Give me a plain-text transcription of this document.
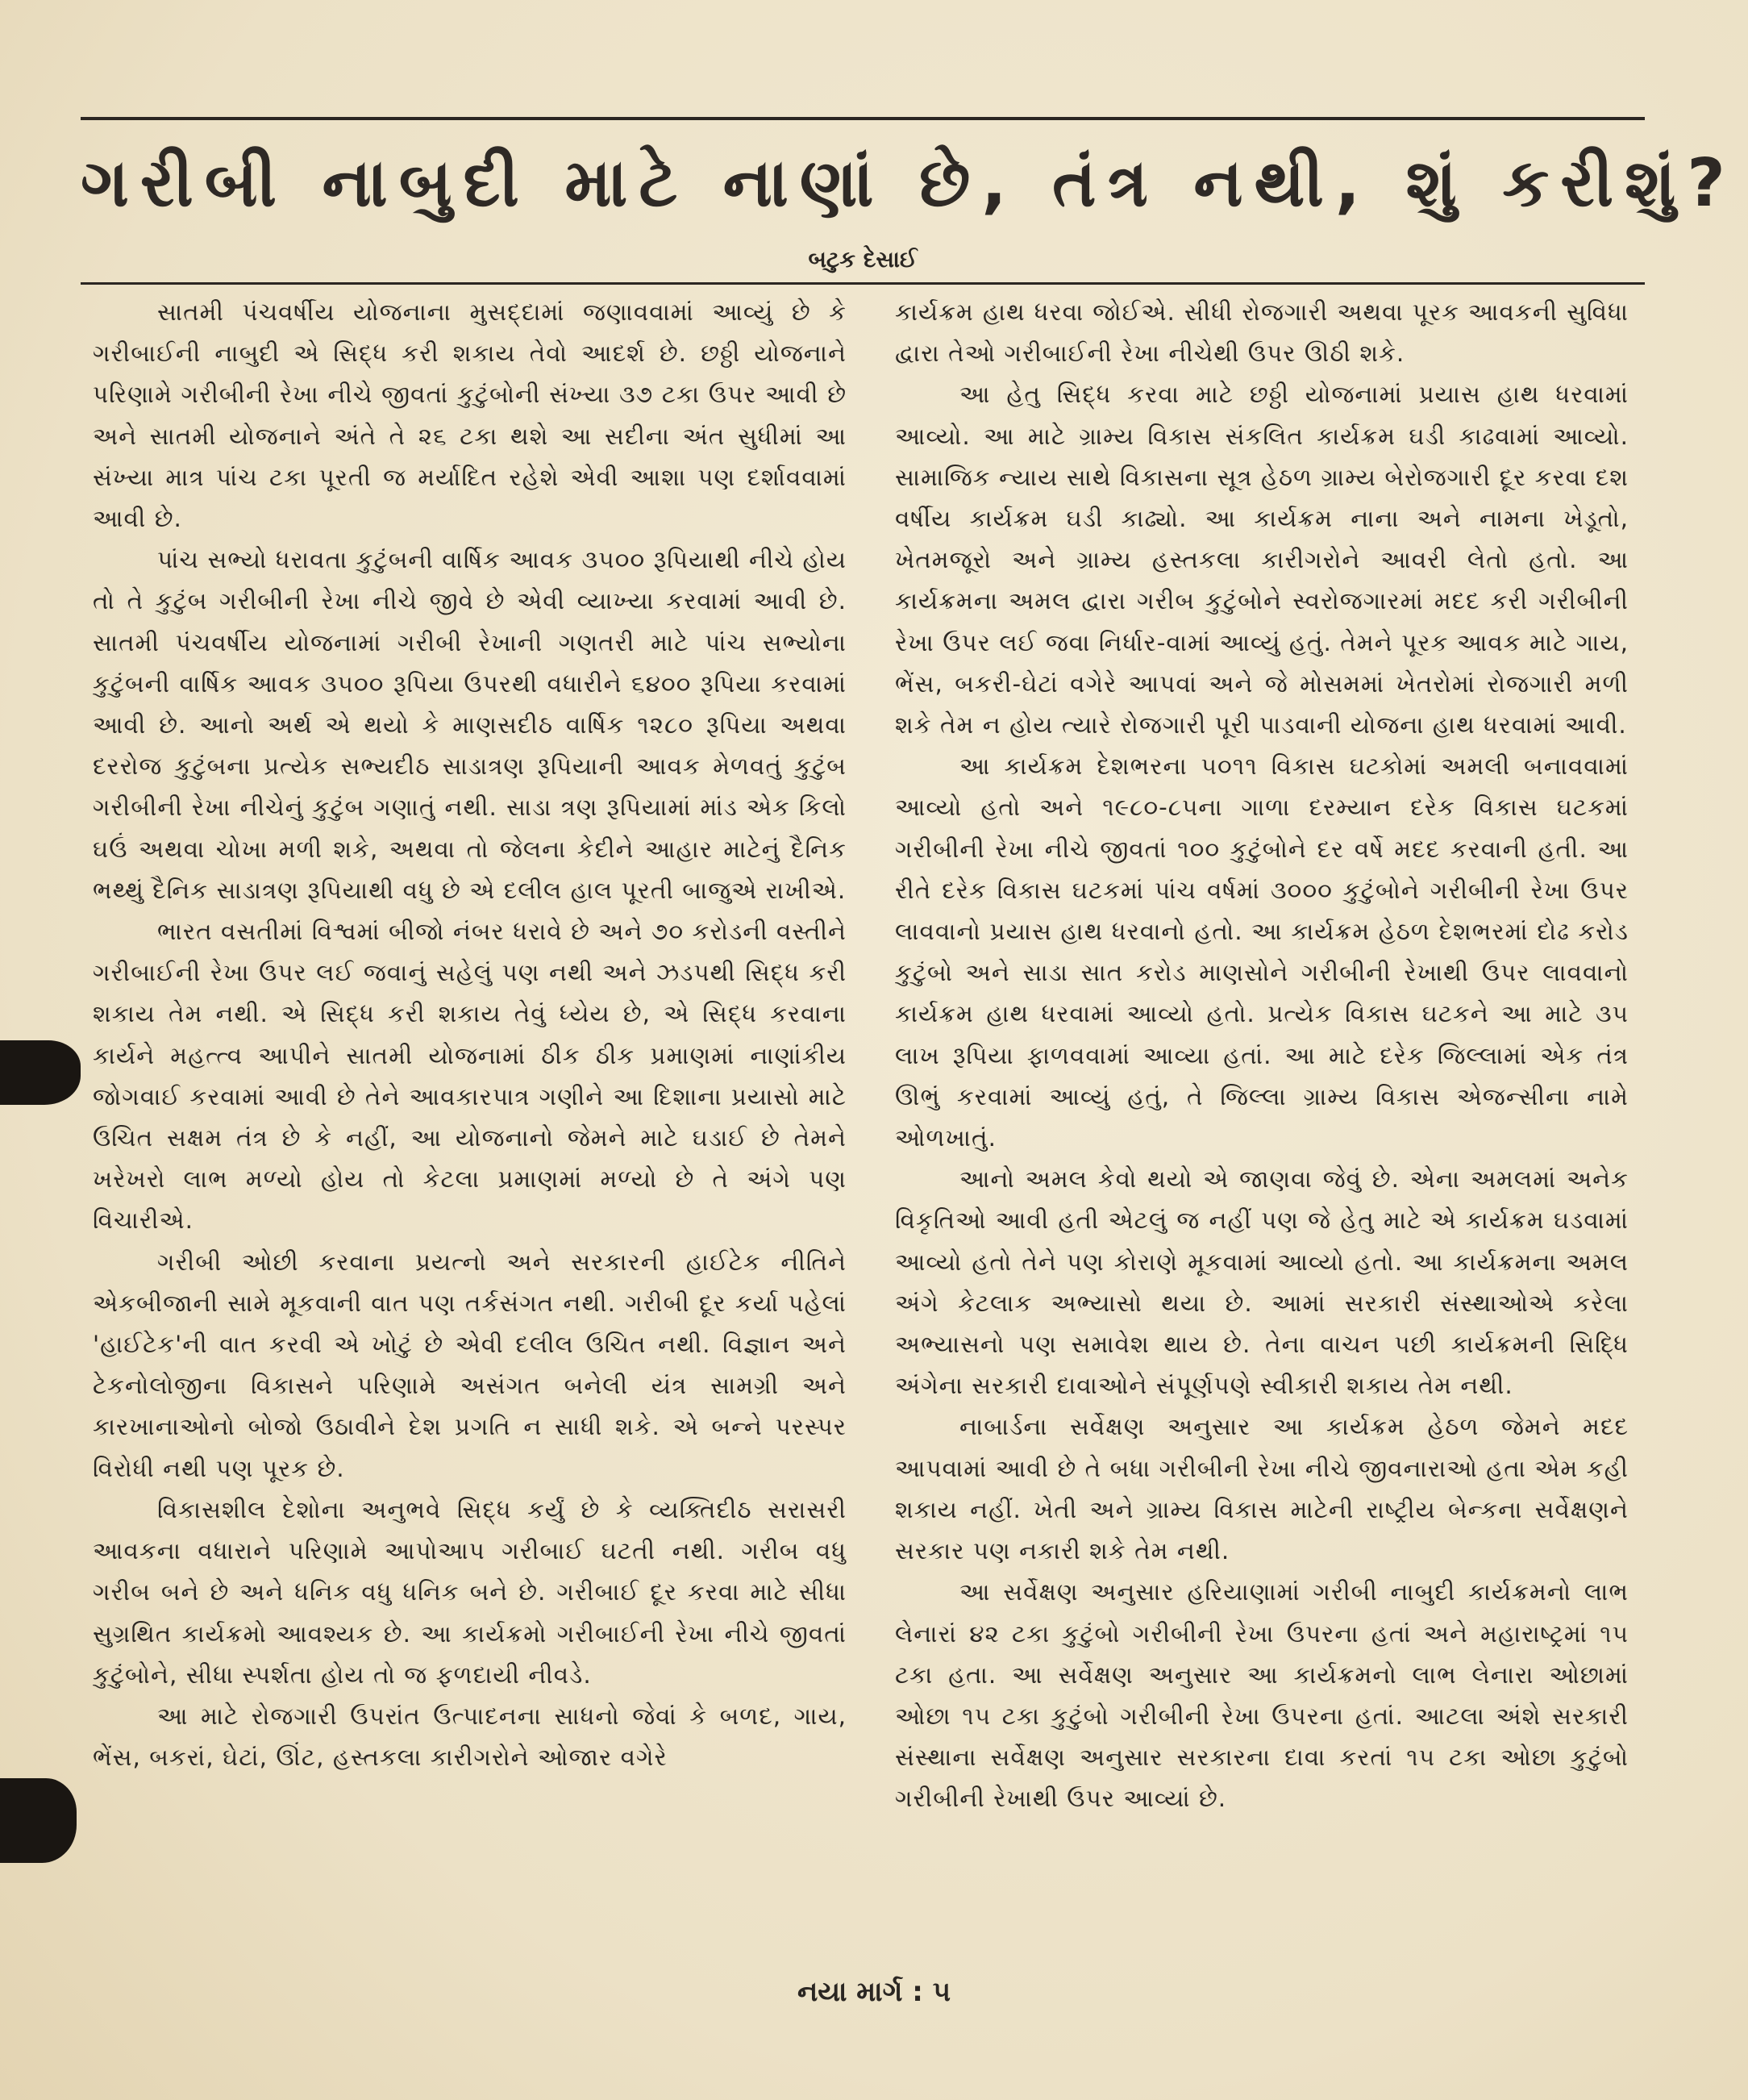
ગરીબી નાબુદી માટે નાણાં છે, તંત્ર નથી, શું કરીશું?
બટુક દેસાઈ

સાતમી પંચવર્ષીય યોજનાના મુસદ્દામાં જણાવવામાં આવ્યું છે કે ગરીબાઈની નાબુદી એ સિદ્ધ કરી શકાય તેવો આદર્શ છે. છઠ્ઠી યોજનાને પરિણામે ગરીબીની રેખા નીચે જીવતાં કુટુંબોની સંખ્યા ૩૭ ટકા ઉપર આવી છે અને સાતમી યોજનાને અંતે તે ૨૬ ટકા થશે આ સદીના અંત સુધીમાં આ સંખ્યા માત્ર પાંચ ટકા પૂરતી જ મર્યાદિત રહેશે એવી આશા પણ દર્શાવવામાં આવી છે.

પાંચ સભ્યો ધરાવતા કુટુંબની વાર્ષિક આવક ૩૫૦૦ રૂપિયાથી નીચે હોય તો તે કુટુંબ ગરીબીની રેખા નીચે જીવે છે એવી વ્યાખ્યા કરવામાં આવી છે. સાતમી પંચવર્ષીય યોજનામાં ગરીબી રેખાની ગણતરી માટે પાંચ સભ્યોના કુટુંબની વાર્ષિક આવક ૩૫૦૦ રૂપિયા ઉપરથી વધારીને ૬૪૦૦ રૂપિયા કરવામાં આવી છે. આનો અર્થ એ થયો કે માણસદીઠ વાર્ષિક ૧૨૮૦ રૂપિયા અથવા દરરોજ કુટુંબના પ્રત્યેક સભ્યદીઠ સાડાત્રણ રૂપિયાની આવક મેળવતું કુટુંબ ગરીબીની રેખા નીચેનું કુટુંબ ગણાતું નથી. સાડા ત્રણ રૂપિયામાં માંડ એક કિલો ઘઉં અથવા ચોખા મળી શકે, અથવા તો જેલના કેદીને આહાર માટેનું દૈનિક ભથ્થું દૈનિક સાડાત્રણ રૂપિયાથી વધુ છે એ દલીલ હાલ પૂરતી બાજુએ રાખીએ.

ભારત વસતીમાં વિશ્વમાં બીજો નંબર ધરાવે છે અને ૭૦ કરોડની વસ્તીને ગરીબાઈની રેખા ઉપર લઈ જવાનું સહેલું પણ નથી અને ઝડપથી સિદ્ધ કરી શકાય તેમ નથી. એ સિદ્ધ કરી શકાય તેવું ધ્યેય છે, એ સિદ્ધ કરવાના કાર્યને મહત્ત્વ આપીને સાતમી યોજનામાં ઠીક ઠીક પ્રમાણમાં નાણાંકીય જોગવાઈ કરવામાં આવી છે તેને આવકારપાત્ર ગણીને આ દિશાના પ્રયાસો માટે ઉચિત સક્ષમ તંત્ર છે કે નહીં, આ યોજનાનો જેમને માટે ઘડાઈ છે તેમને ખરેખરો લાભ મળ્યો હોય તો કેટલા પ્રમાણમાં મળ્યો છે તે અંગે પણ વિચારીએ.

ગરીબી ઓછી કરવાના પ્રયત્નો અને સરકારની હાઈટેક નીતિને એકબીજાની સામે મૂકવાની વાત પણ તર્કસંગત નથી. ગરીબી દૂર કર્યા પહેલાં 'હાઈટેક'ની વાત કરવી એ ખોટું છે એવી દલીલ ઉચિત નથી. વિજ્ઞાન અને ટેકનોલોજીના વિકાસને પરિણામે અસંગત બનેલી યંત્ર સામગ્રી અને કારખાનાઓનો બોજો ઉઠાવીને દેશ પ્રગતિ ન સાધી શકે. એ બન્ને પરસ્પર વિરોધી નથી પણ પૂરક છે.

વિકાસશીલ દેશોના અનુભવે સિદ્ધ કર્યું છે કે વ્યક્તિદીઠ સરાસરી આવકના વધારાને પરિણામે આપોઆપ ગરીબાઈ ઘટતી નથી. ગરીબ વધુ ગરીબ બને છે અને ધનિક વધુ ધનિક બને છે. ગરીબાઈ દૂર કરવા માટે સીધા સુગ્રથિત કાર્યક્રમો આવશ્યક છે. આ કાર્યક્રમો ગરીબાઈની રેખા નીચે જીવતાં કુટુંબોને, સીધા સ્પર્શતા હોય તો જ ફળદાયી નીવડે.

આ માટે રોજગારી ઉપરાંત ઉત્પાદનના સાધનો જેવાં કે બળદ, ગાય, ભેંસ, બકરાં, ઘેટાં, ઊંટ, હસ્તકલા કારીગરોને ઓજાર વગેરે

કાર્યક્રમ હાથ ધરવા જોઈએ. સીધી રોજગારી અથવા પૂરક આવકની સુવિધા દ્વારા તેઓ ગરીબાઈની રેખા નીચેથી ઉપર ઊઠી શકે.

આ હેતુ સિદ્ધ કરવા માટે છઠ્ઠી યોજનામાં પ્રયાસ હાથ ધરવામાં આવ્યો. આ માટે ગ્રામ્ય વિકાસ સંકલિત કાર્યક્રમ ઘડી કાઢવામાં આવ્યો. સામાજિક ન્યાય સાથે વિકાસના સૂત્ર હેઠળ ગ્રામ્ય બેરોજગારી દૂર કરવા દશ વર્ષીય કાર્યક્રમ ઘડી કાઢ્યો. આ કાર્યક્રમ નાના અને નામના ખેડૂતો, ખેતમજૂરો અને ગ્રામ્ય હસ્તકલા કારીગરોને આવરી લેતો હતો. આ કાર્યક્રમના અમલ દ્વારા ગરીબ કુટુંબોને સ્વરોજગારમાં મદદ કરી ગરીબીની રેખા ઉપર લઈ જવા નિર્ધાર-વામાં આવ્યું હતું. તેમને પૂરક આવક માટે ગાય, ભેંસ, બકરી-ઘેટાં વગેરે આપવાં અને જે મોસમમાં ખેતરોમાં રોજગારી મળી શકે તેમ ન હોય ત્યારે રોજગારી પૂરી પાડવાની યોજના હાથ ધરવામાં આવી.

આ કાર્યક્રમ દેશભરના ૫૦૧૧ વિકાસ ઘટકોમાં અમલી બનાવવામાં આવ્યો હતો અને ૧૯૮૦-૮૫ના ગાળા દરમ્યાન દરેક વિકાસ ઘટકમાં ગરીબીની રેખા નીચે જીવતાં ૧૦૦ કુટુંબોને દર વર્ષે મદદ કરવાની હતી. આ રીતે દરેક વિકાસ ઘટકમાં પાંચ વર્ષમાં ૩૦૦૦ કુટુંબોને ગરીબીની રેખા ઉપર લાવવાનો પ્રયાસ હાથ ધરવાનો હતો. આ કાર્યક્રમ હેઠળ દેશભરમાં દોઢ કરોડ કુટુંબો અને સાડા સાત કરોડ માણસોને ગરીબીની રેખાથી ઉપર લાવવાનો કાર્યક્રમ હાથ ધરવામાં આવ્યો હતો. પ્રત્યેક વિકાસ ઘટકને આ માટે ૩૫ લાખ રૂપિયા ફાળવવામાં આવ્યા હતાં. આ માટે દરેક જિલ્લામાં એક તંત્ર ઊભું કરવામાં આવ્યું હતું, તે જિલ્લા ગ્રામ્ય વિકાસ એજન્સીના નામે ઓળખાતું.

આનો અમલ કેવો થયો એ જાણવા જેવું છે. એના અમલમાં અનેક વિકૃતિઓ આવી હતી એટલું જ નહીં પણ જે હેતુ માટે એ કાર્યક્રમ ઘડવામાં આવ્યો હતો તેને પણ કોરાણે મૂકવામાં આવ્યો હતો. આ કાર્યક્રમના અમલ અંગે કેટલાક અભ્યાસો થયા છે. આમાં સરકારી સંસ્થાઓએ કરેલા અભ્યાસનો પણ સમાવેશ થાય છે. તેના વાચન પછી કાર્યક્રમની સિદ્ધિ અંગેના સરકારી દાવાઓને સંપૂર્ણપણે સ્વીકારી શકાય તેમ નથી.

નાબાર્ડના સર્વેક્ષણ અનુસાર આ કાર્યક્રમ હેઠળ જેમને મદદ આપવામાં આવી છે તે બધા ગરીબીની રેખા નીચે જીવનારાઓ હતા એમ કહી શકાય નહીં. ખેતી અને ગ્રામ્ય વિકાસ માટેની રાષ્ટ્રીય બેન્કના સર્વેક્ષણને સરકાર પણ નકારી શકે તેમ નથી.

આ સર્વેક્ષણ અનુસાર હરિયાણામાં ગરીબી નાબુદી કાર્યક્રમનો લાભ લેનારાં ૪૨ ટકા કુટુંબો ગરીબીની રેખા ઉપરના હતાં અને મહારાષ્ટ્રમાં ૧૫ ટકા હતા. આ સર્વેક્ષણ અનુસાર આ કાર્યક્રમનો લાભ લેનારા ઓછામાં ઓછા ૧૫ ટકા કુટુંબો ગરીબીની રેખા ઉપરના હતાં. આટલા અંશે સરકારી સંસ્થાના સર્વેક્ષણ અનુસાર સરકારના દાવા કરતાં ૧૫ ટકા ઓછા કુટુંબો ગરીબીની રેખાથી ઉપર આવ્યાં છે.

નયા માર્ગ : ૫
